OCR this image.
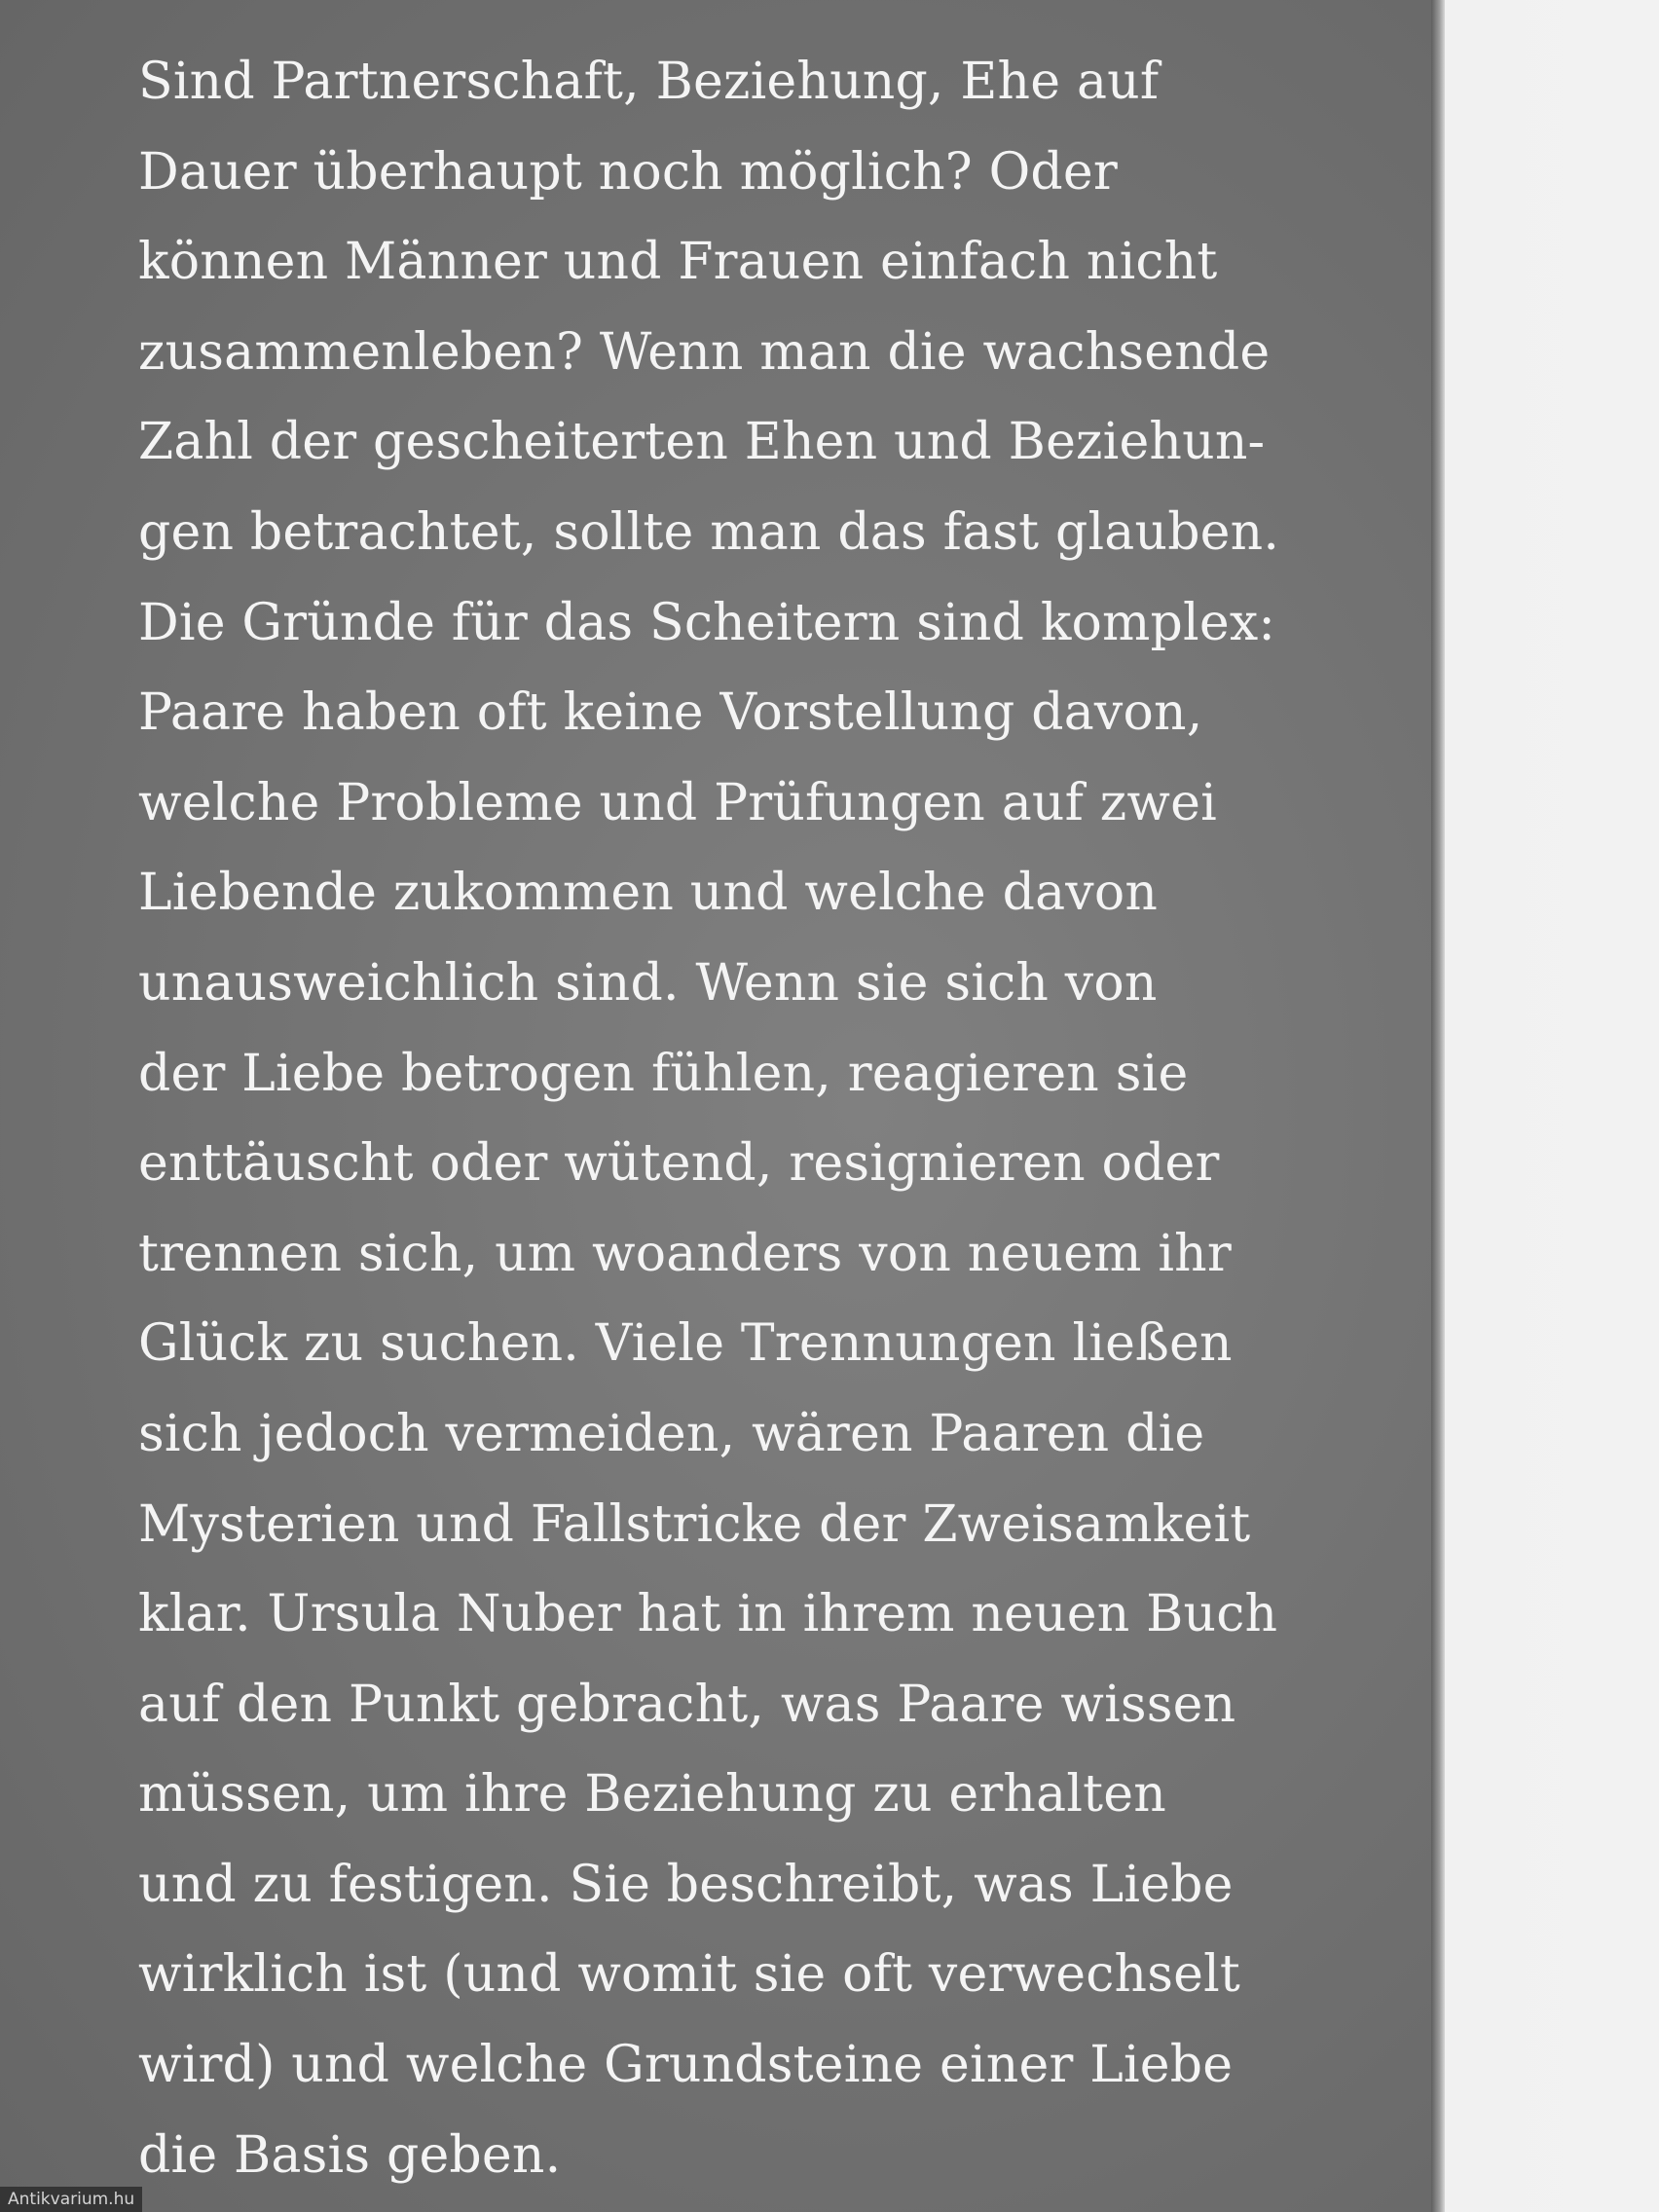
Sind Partnerschaft, Beziehung, Ehe auf
Dauer überhaupt noch möglich? Oder
können Männer und Frauen einfach nicht
zusammenleben? Wenn man die wachsende
Zahl der gescheiterten Ehen und Beziehun-
gen betrachtet, sollte man das fast glauben.
Die Gründe für das Scheitern sind komplex:
Paare haben oft keine Vorstellung davon,
welche Probleme und Prüfungen auf zwei
Liebende zukommen und welche davon
unausweichlich sind. Wenn sie sich von
der Liebe betrogen fühlen, reagieren sie
enttäuscht oder wütend, resignieren oder
trennen sich, um woanders von neuem ihr
Glück zu suchen. Viele Trennungen ließen
sich jedoch vermeiden, wären Paaren die
Mysterien und Fallstricke der Zweisamkeit
klar. Ursula Nuber hat in ihrem neuen Buch
auf den Punkt gebracht, was Paare wissen
müssen, um ihre Beziehung zu erhalten
und zu festigen. Sie beschreibt, was Liebe
wirklich ist (und womit sie oft verwechselt
wird) und welche Grundsteine einer Liebe
die Basis geben.
Antikvarium.hu
